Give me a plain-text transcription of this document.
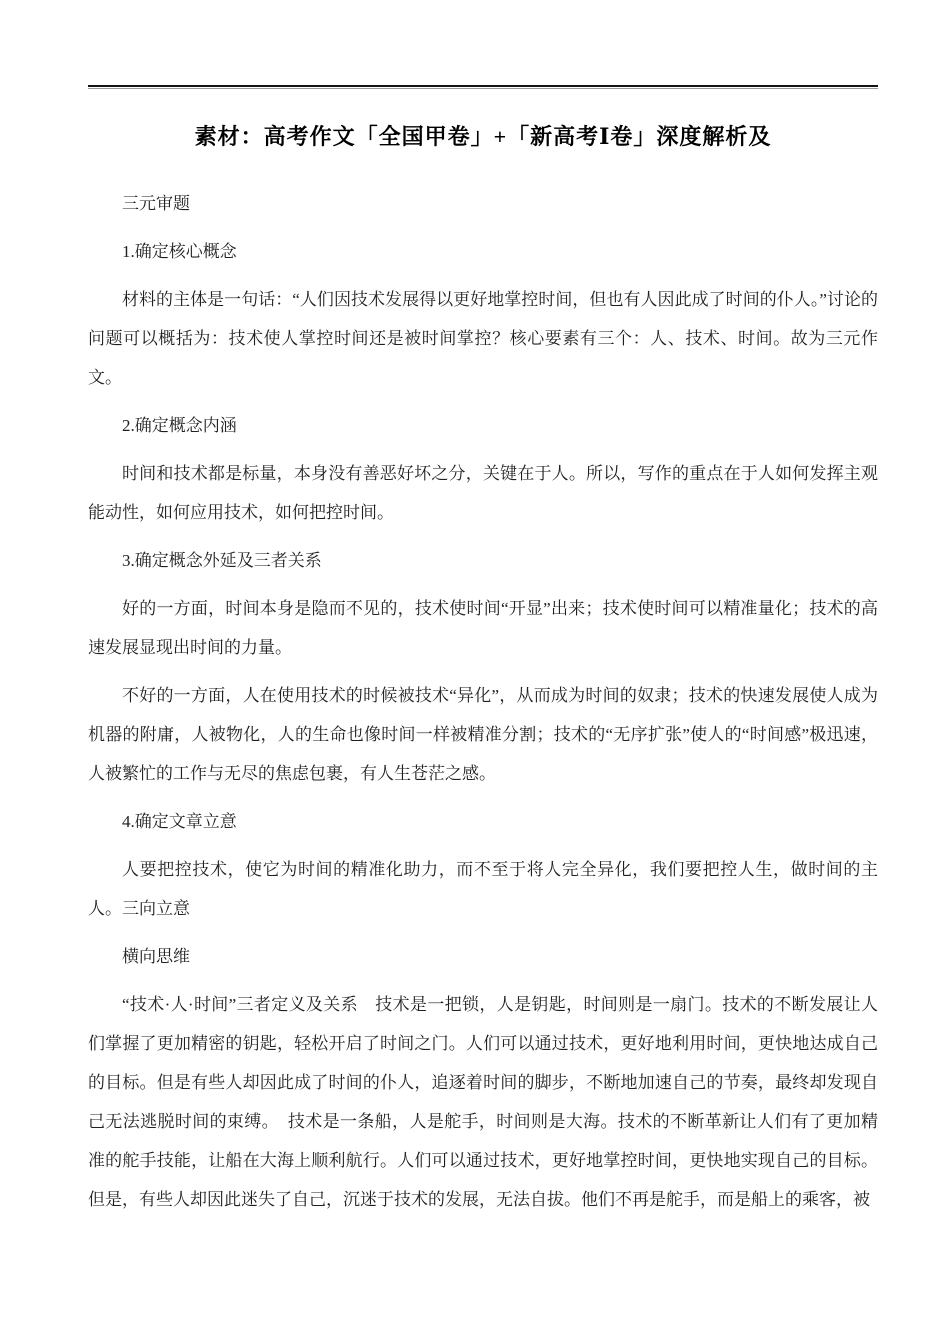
素材：高考作文「全国甲卷」+「新高考Ⅰ卷」深度解析及

三元审题

1.确定核心概念

材料的主体是一句话：“人们因技术发展得以更好地掌控时间，但也有人因此成了时间的仆人。”讨论的问题可以概括为：技术使人掌控时间还是被时间掌控？核心要素有三个：人、技术、时间。故为三元作文。

2.确定概念内涵

时间和技术都是标量，本身没有善恶好坏之分，关键在于人。所以，写作的重点在于人如何发挥主观能动性，如何应用技术，如何把控时间。

3.确定概念外延及三者关系

好的一方面，时间本身是隐而不见的，技术使时间“开显”出来；技术使时间可以精准量化；技术的高速发展显现出时间的力量。

不好的一方面，人在使用技术的时候被技术“异化”，从而成为时间的奴隶；技术的快速发展使人成为机器的附庸，人被物化，人的生命也像时间一样被精准分割；技术的“无序扩张”使人的“时间感”极迅速，人被繁忙的工作与无尽的焦虑包裹，有人生苍茫之感。

4.确定文章立意

人要把控技术，使它为时间的精准化助力，而不至于将人完全异化，我们要把控人生，做时间的主人。三向立意

横向思维

“技术·人·时间”三者定义及关系　技术是一把锁，人是钥匙，时间则是一扇门。技术的不断发展让人们掌握了更加精密的钥匙，轻松开启了时间之门。人们可以通过技术，更好地利用时间，更快地达成自己的目标。但是有些人却因此成了时间的仆人，追逐着时间的脚步，不断地加速自己的节奏，最终却发现自己无法逃脱时间的束缚。　技术是一条船，人是舵手，时间则是大海。技术的不断革新让人们有了更加精准的舵手技能，让船在大海上顺利航行。人们可以通过技术，更好地掌控时间，更快地实现自己的目标。但是，有些人却因此迷失了自己，沉迷于技术的发展，无法自拔。他们不再是舵手，而是船上的乘客，被
